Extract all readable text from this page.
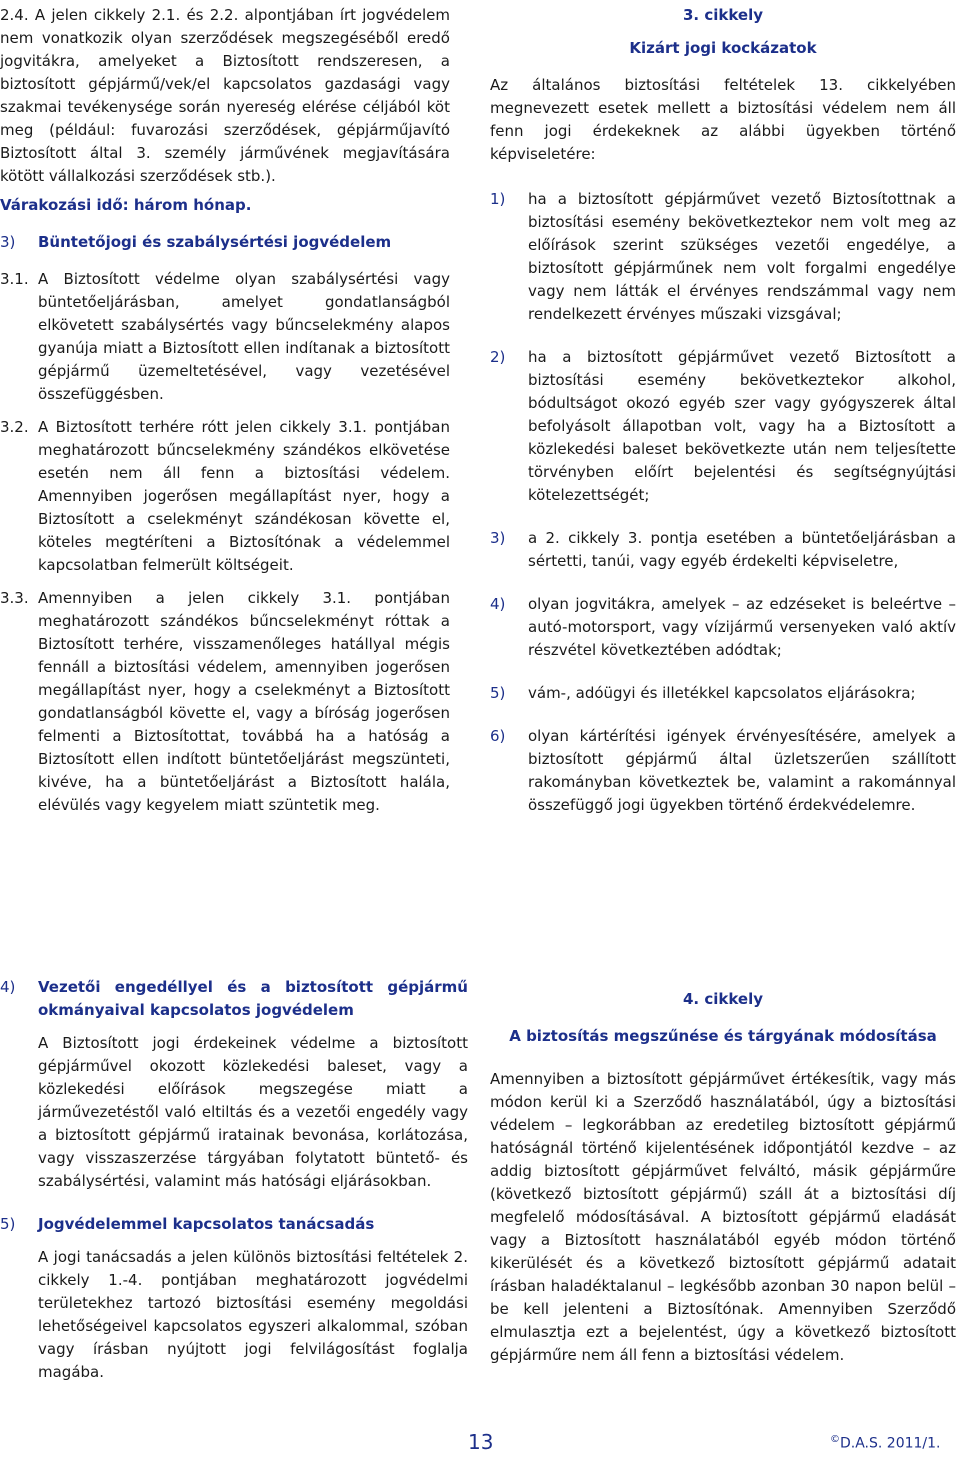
2.4. A jelen cikkely 2.1. és 2.2. alpontjában írt jogvédelem nem vonatkozik olyan szerződések megszegéséből eredő jogvitákra, amelyeket a Biztosított rendszeresen, a biztosított gépjármű/vek/el kapcsolatos gazdasági vagy szakmai tevékenysége során nyereség elérése céljából köt meg (például: fuvarozási szerződések, gépjárműjavító Biztosított által 3. személy járművének megjavítására kötött vállalkozási szerződések stb.).

Várakozási idő: három hónap.

3) Büntetőjogi és szabálysértési jogvédelem

3.1. A Biztosított védelme olyan szabálysértési vagy büntetőeljárásban, amelyet gondatlanságból elkövetett szabálysértés vagy bűncselekmény alapos gyanúja miatt a Biztosított ellen indítanak a biztosított gépjármű üzemeltetésével, vagy vezetésével összefüggésben.

3.2. A Biztosított terhére rótt jelen cikkely 3.1. pontjában meghatározott bűncselekmény szándékos elkövetése esetén nem áll fenn a biztosítási védelem. Amennyiben jogerősen megállapítást nyer, hogy a Biztosított a cselekményt szándékosan követte el, köteles megtéríteni a Biztosítónak a védelemmel kapcsolatban felmerült költségeit.

3.3. Amennyiben a jelen cikkely 3.1. pontjában meghatározott szándékos bűncselekményt róttak a Biztosított terhére, visszamenőleges hatállyal mégis fennáll a biztosítási védelem, amennyiben jogerősen megállapítást nyer, hogy a cselekményt a Biztosított gondatlanságból követte el, vagy a bíróság jogerősen felmenti a Biztosítottat, továbbá ha a hatóság a Biztosított ellen indított büntetőeljárást megszünteti, kivéve, ha a büntetőeljárást a Biztosított halála, elévülés vagy kegyelem miatt szüntetik meg.

4) Vezetői engedéllyel és a biztosított gépjármű okmányaival kapcsolatos jogvédelem

A Biztosított jogi érdekeinek védelme a biztosított gépjárművel okozott közlekedési baleset, vagy a közlekedési előírások megszegése miatt a járművezetéstől való eltiltás és a vezetői engedély vagy a biztosított gépjármű iratainak bevonása, korlátozása, vagy visszaszerzése tárgyában folytatott büntető- és szabálysértési, valamint más hatósági eljárásokban.

5) Jogvédelemmel kapcsolatos tanácsadás

A jogi tanácsadás a jelen különös biztosítási feltételek 2. cikkely 1.-4. pontjában meghatározott jogvédelmi területekhez tartozó biztosítási esemény megoldási lehetőségeivel kapcsolatos egyszeri alkalommal, szóban vagy írásban nyújtott jogi felvilágosítást foglalja magába.

3. cikkely

Kizárt jogi kockázatok

Az általános biztosítási feltételek 13. cikkelyében megnevezett esetek mellett a biztosítási védelem nem áll fenn jogi érdekeknek az alábbi ügyekben történő képviseletére:

1) ha a biztosított gépjárművet vezető Biztosítottnak a biztosítási esemény bekövetkeztekor nem volt meg az előírások szerint szükséges vezetői engedélye, a biztosított gépjárműnek nem volt forgalmi engedélye vagy nem látták el érvényes rendszámmal vagy nem rendelkezett érvényes műszaki vizsgával;

2) ha a biztosított gépjárművet vezető Biztosított a biztosítási esemény bekövetkeztekor alkohol, bódultságot okozó egyéb szer vagy gyógyszerek által befolyásolt állapotban volt, vagy ha a Biztosított a közlekedési baleset bekövetkezte után nem teljesítette törvényben előírt bejelentési és segítségnyújtási kötelezettségét;

3) a 2. cikkely 3. pontja esetében a büntetőeljárásban a sértetti, tanúi, vagy egyéb érdekelti képviseletre,

4) olyan jogvitákra, amelyek – az edzéseket is beleértve – autó-motorsport, vagy vízijármű versenyeken való aktív részvétel következtében adódtak;

5) vám-, adóügyi és illetékkel kapcsolatos eljárásokra;

6) olyan kártérítési igények érvényesítésére, amelyek a biztosított gépjármű által üzletszerűen szállított rakományban következtek be, valamint a rakománnyal összefüggő jogi ügyekben történő érdekvédelemre.

4. cikkely

A biztosítás megszűnése és tárgyának módosítása

Amennyiben a biztosított gépjárművet értékesítik, vagy más módon kerül ki a Szerződő használatából, úgy a biztosítási védelem – legkorábban az eredetileg biztosított gépjármű hatóságnál történő kijelentésének időpontjától kezdve – az addig biztosított gépjárművet felváltó, másik gépjárműre (következő biztosított gépjármű) száll át a biztosítási díj megfelelő módosításával. A biztosított gépjármű eladását vagy a Biztosított használatából egyéb módon történő kikerülését és a következő biztosított gépjármű adatait írásban haladéktalanul – legkésőbb azonban 30 napon belül – be kell jelenteni a Biztosítónak. Amennyiben Szerződő elmulasztja ezt a bejelentést, úgy a következő biztosított gépjárműre nem áll fenn a biztosítási védelem.

13	©D.A.S. 2011/1.
